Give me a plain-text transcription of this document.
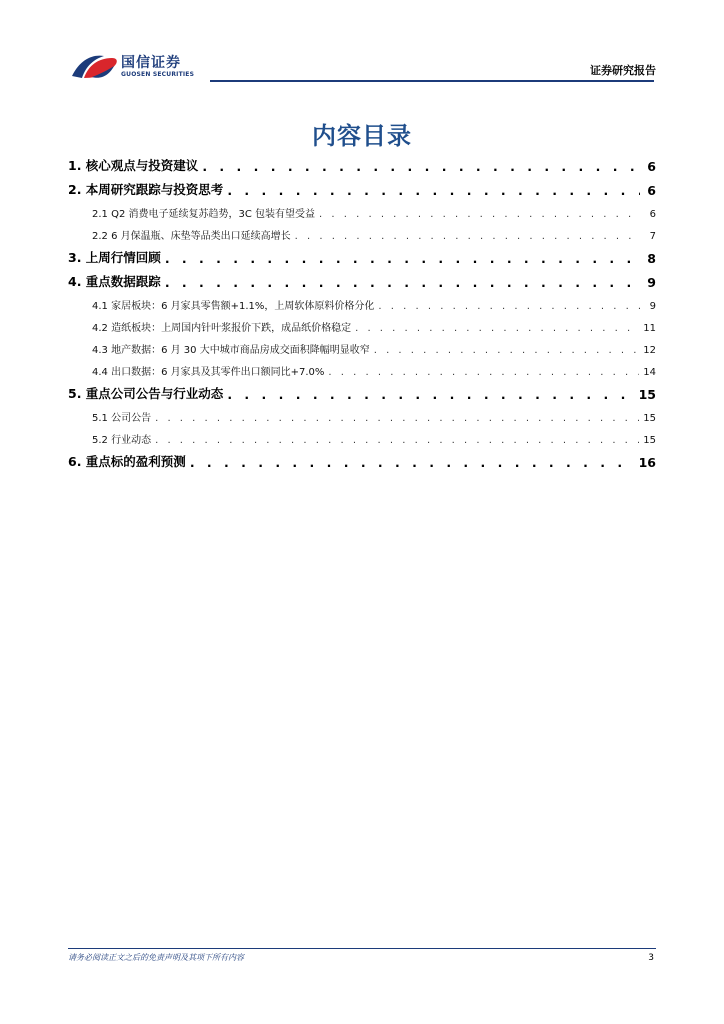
国信证券
GUOSEN SECURITIES	证券研究报告
内容目录
1. 核心观点与投资建议 . . .	6
2. 本周研究跟踪与投资思考 . . .	6
2.1 Q2 消费电子延续复苏趋势，3C 包装有望受益 . . .	6
2.2 6 月保温瓶、床垫等品类出口延续高增长 . . .	7
3. 上周行情回顾 . . .	8
4. 重点数据跟踪 . . .	9
4.1 家居板块：6 月家具零售额+1.1%，上周软体原料价格分化 . . .	9
4.2 造纸板块：上周国内针叶浆报价下跌，成品纸价格稳定 . . .	11
4.3 地产数据：6 月 30 大中城市商品房成交面积降幅明显收窄 . . .	12
4.4 出口数据：6 月家具及其零件出口额同比+7.0% . . .	14
5. 重点公司公告与行业动态 . . .	15
5.1 公司公告 . . .	15
5.2 行业动态 . . .	15
6. 重点标的盈利预测 . . .	16
请务必阅读正文之后的免责声明及其项下所有内容	3
